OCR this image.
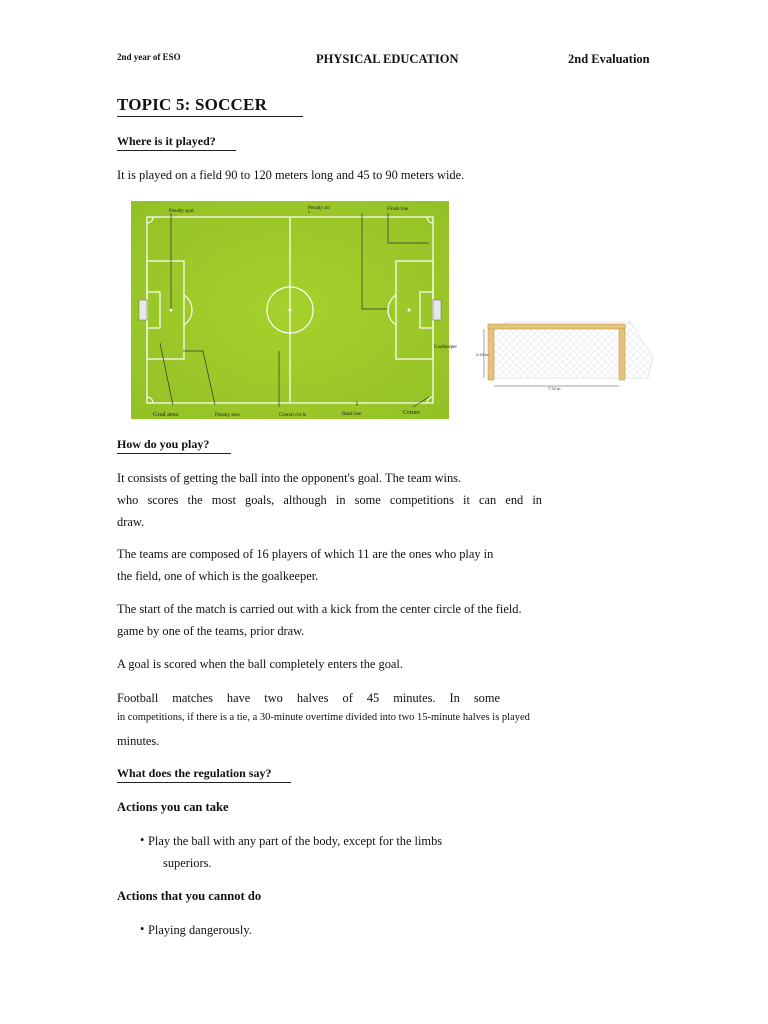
2nd year of ESO	PHYSICAL EDUCATION	2nd Evaluation
TOPIC 5: SOCCER
Where is it played?
It is played on a field 90 to 120 meters long and 45 to 90 meters wide.
Penalty spot
Penalty arc	Finish line
Goalkeeper
Goal area	Penalty area	Central circle	Band line	Corner
2.44 m
7.32 m
How do you play?
It consists of getting the ball into the opponent's goal. The team wins.
who scores the most goals, although in some competitions it can end in
draw.
The teams are composed of 16 players of which 11 are the ones who play in
the field, one of which is the goalkeeper.
The start of the match is carried out with a kick from the center circle of the field.
game by one of the teams, prior draw.
A goal is scored when the ball completely enters the goal.
Football matches have two halves of 45 minutes. In some
in competitions, if there is a tie, a 30-minute overtime divided into two 15-minute halves is played
minutes.
What does the regulation say?
Actions you can take
• Play the ball with any part of the body, except for the limbs
superiors.
Actions that you cannot do
• Playing dangerously.
